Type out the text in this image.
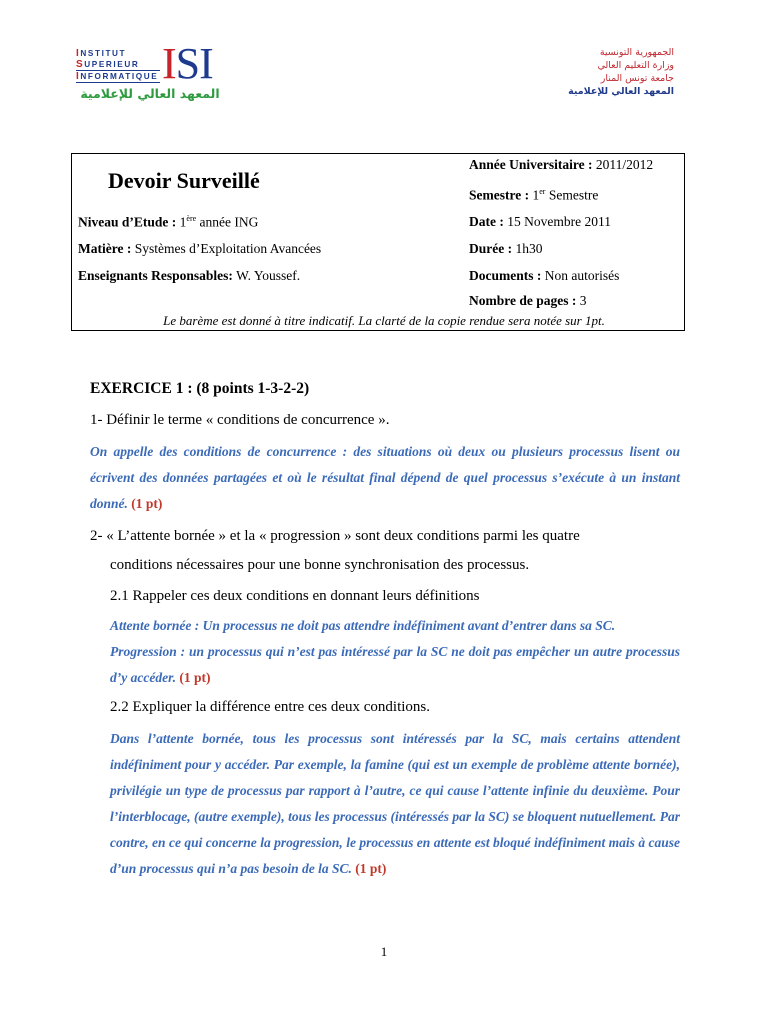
INSTITUT
SUPERIEUR
INFORMATIQUE ISI
المعهد العالي للإعلامية
الجمهورية التونسية
وزارة التعليم العالي
جامعة تونس المنار
المعهد العالي للإعلامية
Devoir Surveillé
Niveau d’Etude : 1ère année ING
Matière : Systèmes d’Exploitation Avancées
Enseignants Responsables: W. Youssef.
Année Universitaire : 2011/2012
Semestre : 1er Semestre
Date : 15 Novembre 2011
Durée : 1h30
Documents : Non autorisés
Nombre de pages : 3
Le barème est donné à titre indicatif. La clarté de la copie rendue sera notée sur 1pt.
EXERCICE 1 : (8 points 1-3-2-2)
1- Définir le terme « conditions de concurrence ».
On appelle des conditions de concurrence : des situations où deux ou plusieurs processus lisent ou écrivent des données partagées et où le résultat final dépend de quel processus s’exécute à un instant donné. (1 pt)
2- « L’attente bornée » et la « progression » sont deux conditions parmi les quatre
conditions nécessaires pour une bonne synchronisation des processus.
2.1 Rappeler ces deux conditions en donnant leurs définitions
Attente bornée : Un processus ne doit pas attendre indéfiniment avant d’entrer dans sa SC.
Progression : un processus qui n’est pas intéressé par la SC ne doit pas empêcher un autre processus d’y accéder. (1 pt)
2.2 Expliquer la différence entre ces deux conditions.
Dans l’attente bornée, tous les processus sont intéressés par la SC, mais certains attendent indéfiniment pour y accéder. Par exemple, la famine (qui est un exemple de problème attente bornée), privilégie un type de processus par rapport à l’autre, ce qui cause l’attente infinie du deuxième. Pour l’interblocage, (autre exemple), tous les processus (intéressés par la SC) se bloquent nutuellement. Par contre, en ce qui concerne la progression, le processus en attente est bloqué indéfiniment mais à cause d’un processus qui n’a pas besoin de la SC. (1 pt)
1
